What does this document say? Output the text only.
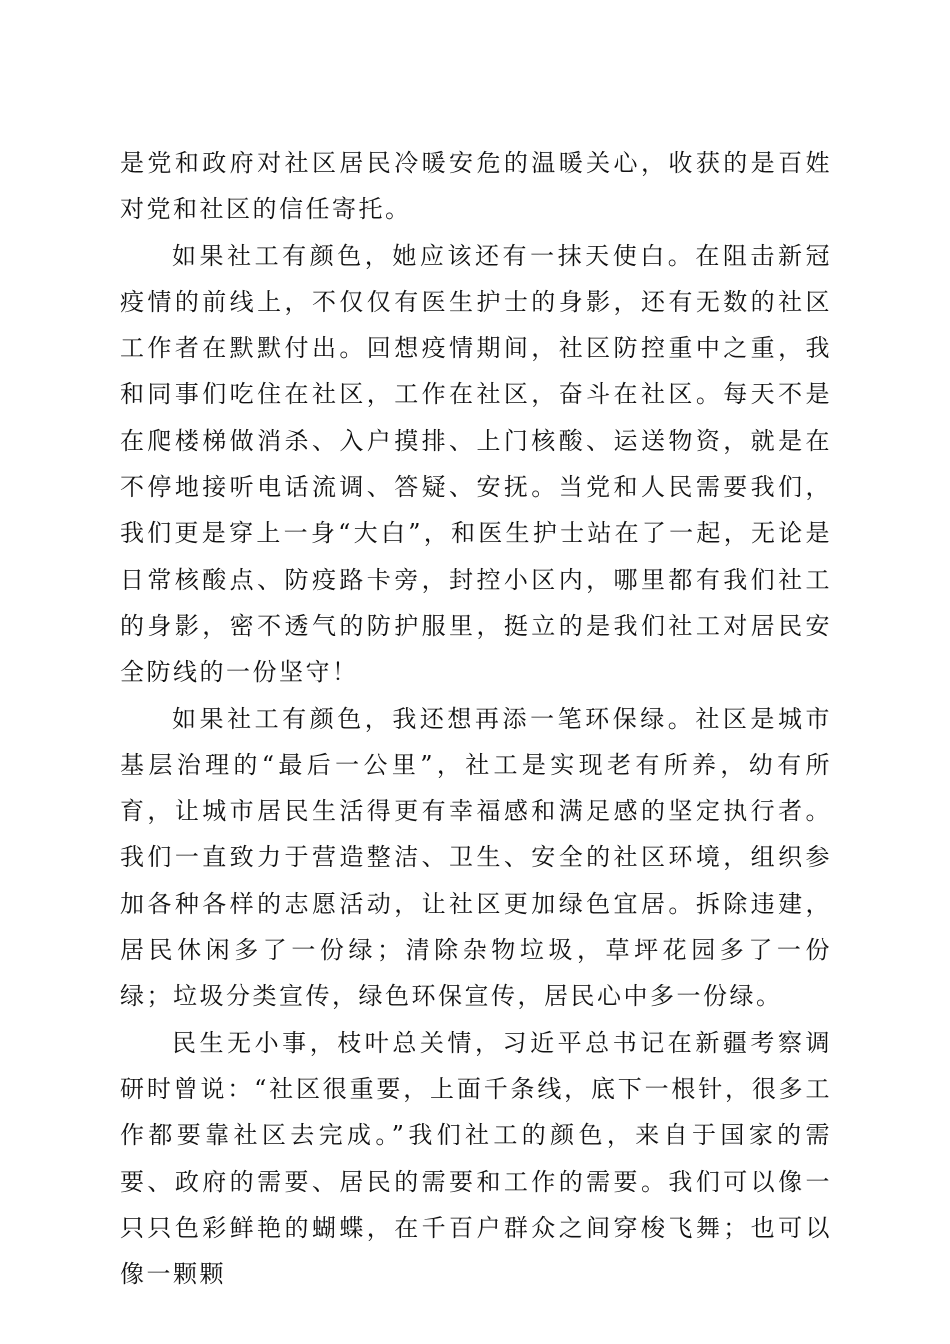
是党和政府对社区居民冷暖安危的温暖关心，收获的是百姓对党和社区的信任寄托。

如果社工有颜色，她应该还有一抹天使白。在阻击新冠疫情的前线上，不仅仅有医生护士的身影，还有无数的社区工作者在默默付出。回想疫情期间，社区防控重中之重，我和同事们吃住在社区，工作在社区，奋斗在社区。每天不是在爬楼梯做消杀、入户摸排、上门核酸、运送物资，就是在不停地接听电话流调、答疑、安抚。当党和人民需要我们，我们更是穿上一身“大白”，和医生护士站在了一起，无论是日常核酸点、防疫路卡旁，封控小区内，哪里都有我们社工的身影，密不透气的防护服里，挺立的是我们社工对居民安全防线的一份坚守！

如果社工有颜色，我还想再添一笔环保绿。社区是城市基层治理的“最后一公里”，社工是实现老有所养，幼有所育，让城市居民生活得更有幸福感和满足感的坚定执行者。我们一直致力于营造整洁、卫生、安全的社区环境，组织参加各种各样的志愿活动，让社区更加绿色宜居。拆除违建，居民休闲多了一份绿；清除杂物垃圾，草坪花园多了一份绿；垃圾分类宣传，绿色环保宣传，居民心中多一份绿。

民生无小事，枝叶总关情，习近平总书记在新疆考察调研时曾说：“社区很重要，上面千条线，底下一根针，很多工作都要靠社区去完成。”我们社工的颜色，来自于国家的需要、政府的需要、居民的需要和工作的需要。我们可以像一只只色彩鲜艳的蝴蝶，在千百户群众之间穿梭飞舞；也可以像一颗颗
